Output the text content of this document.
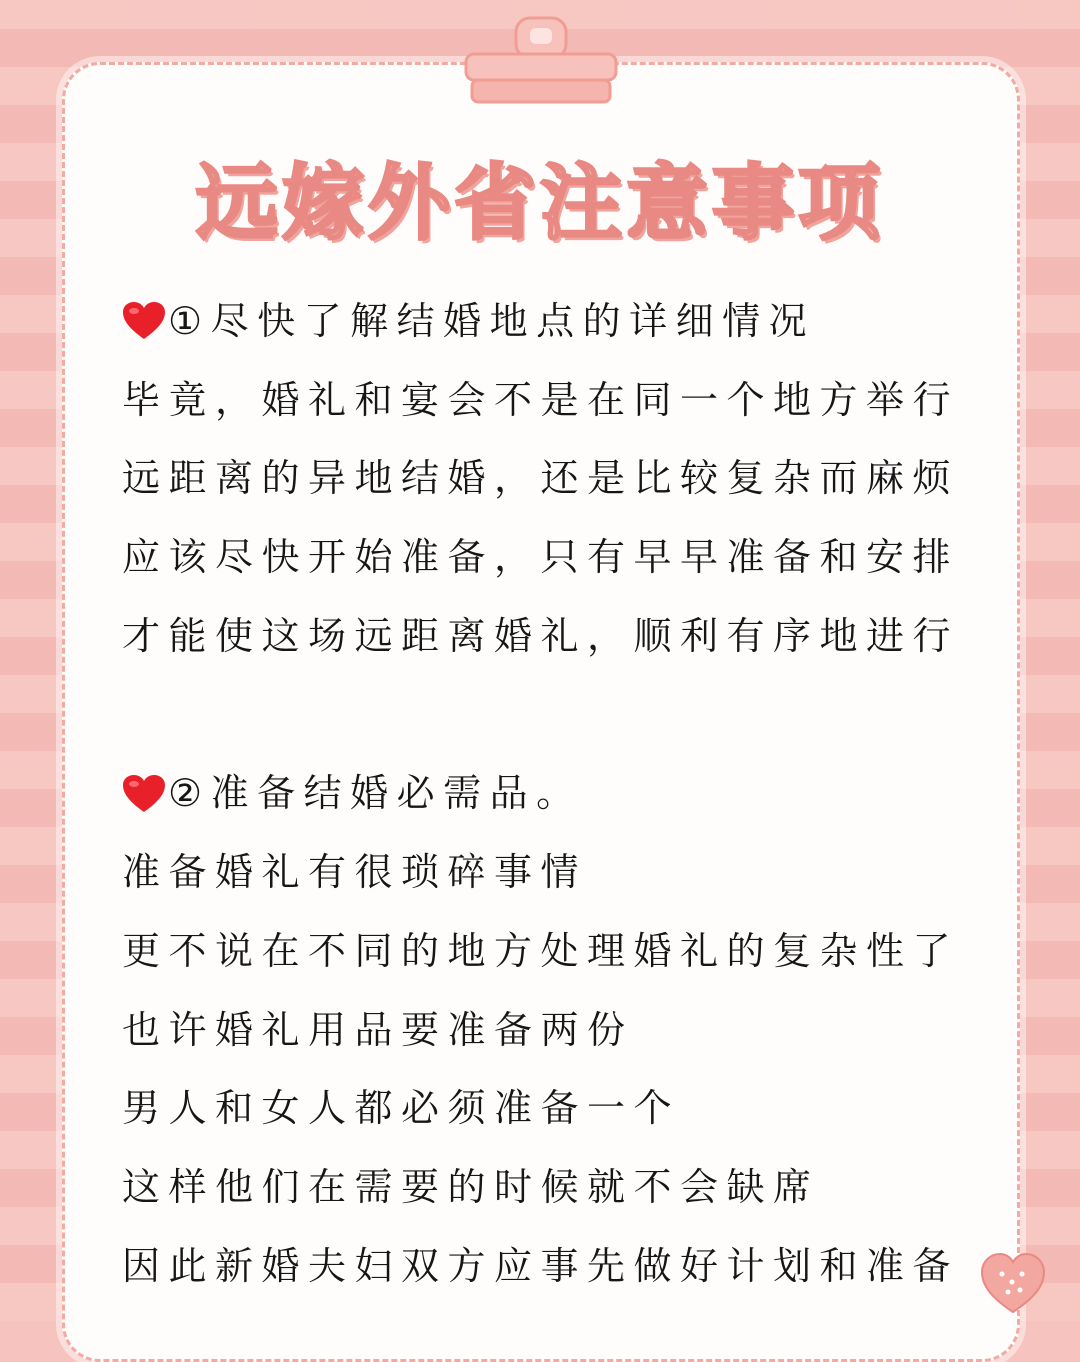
远嫁外省注意事项
①尽快了解结婚地点的详细情况
毕竟，婚礼和宴会不是在同一个地方举行
远距离的异地结婚，还是比较复杂而麻烦
应该尽快开始准备，只有早早准备和安排
才能使这场远距离婚礼，顺利有序地进行
②准备结婚必需品。
准备婚礼有很琐碎事情
更不说在不同的地方处理婚礼的复杂性了
也许婚礼用品要准备两份
男人和女人都必须准备一个
这样他们在需要的时候就不会缺席
因此新婚夫妇双方应事先做好计划和准备
